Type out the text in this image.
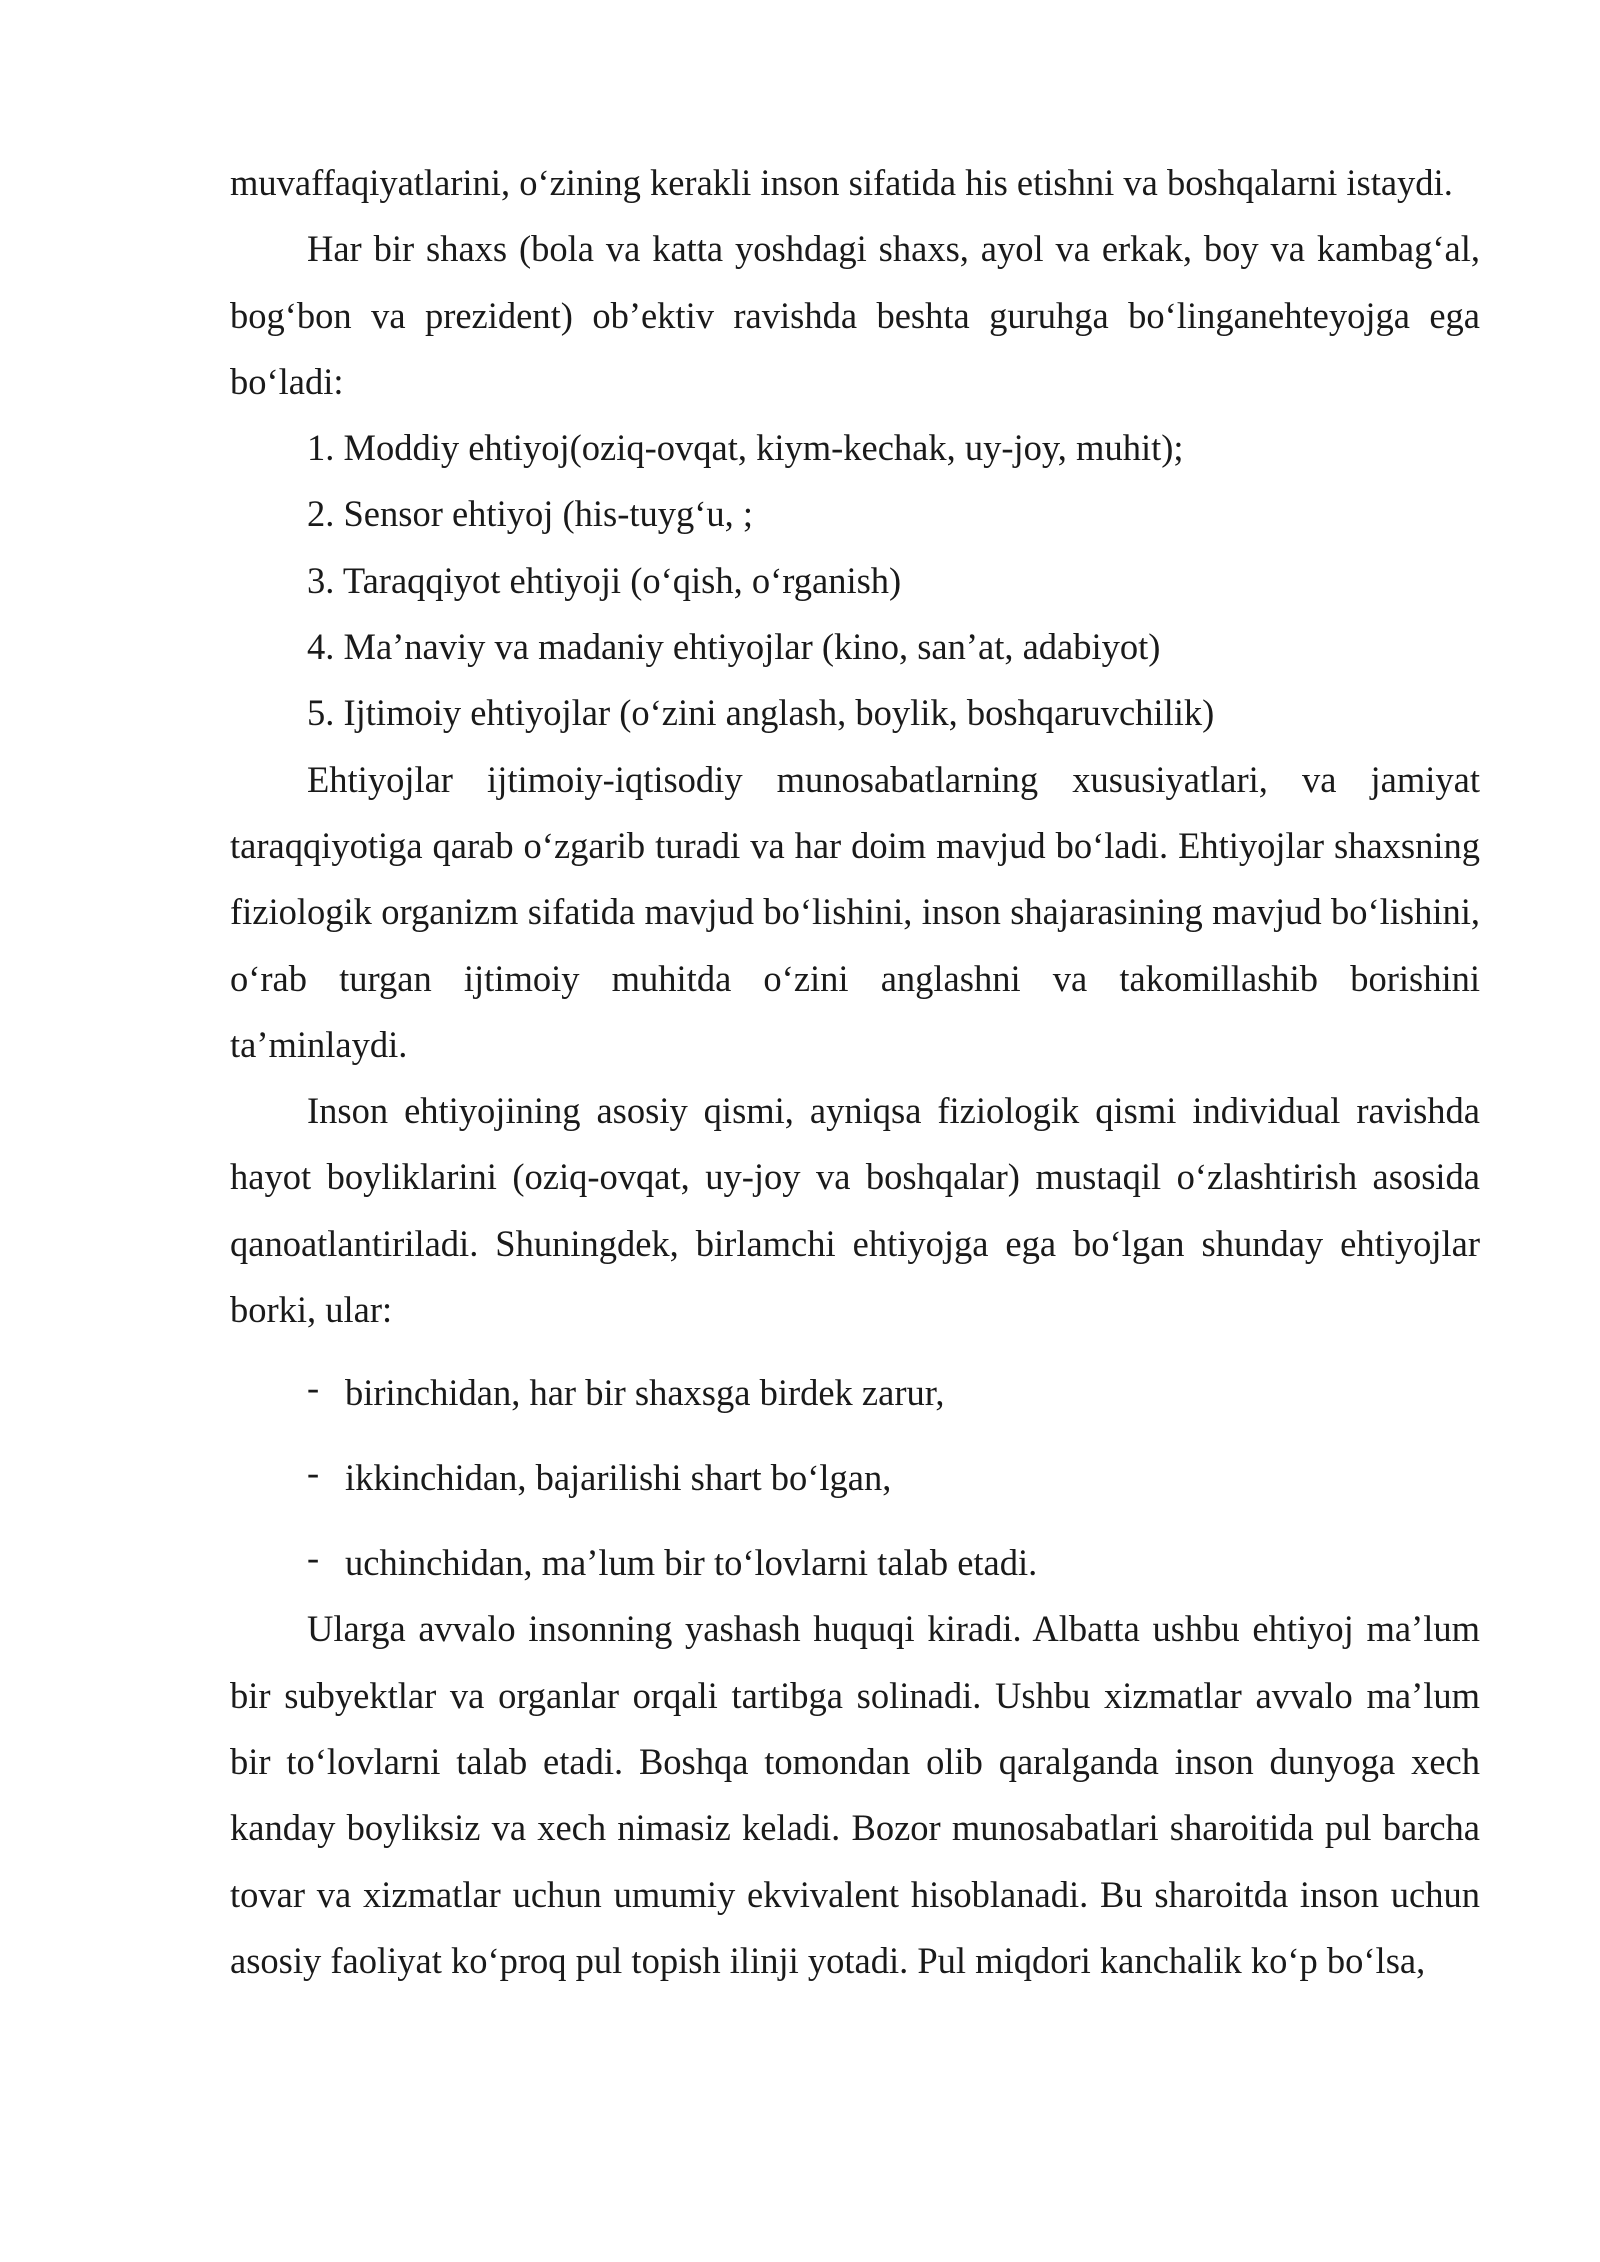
muvaffaqiyatlarini, o‘zining kerakli inson sifatida his etishni va boshqalarni istaydi.

Har bir shaxs (bola va katta yoshdagi shaxs, ayol va erkak, boy va kambag‘al, bog‘bon va prezident) ob’ektiv ravishda beshta guruhga bo‘linganehteyojga ega bo‘ladi:

1. Moddiy ehtiyoj(oziq-ovqat, kiym-kechak, uy-joy, muhit);

2. Sensor ehtiyoj (his-tuyg‘u, ;

3. Taraqqiyot ehtiyoji (o‘qish, o‘rganish)

4. Ma’naviy va madaniy ehtiyojlar (kino, san’at, adabiyot)

5. Ijtimoiy ehtiyojlar (o‘zini anglash, boylik, boshqaruvchilik)

Ehtiyojlar ijtimoiy-iqtisodiy munosabatlarning xususiyatlari, va jamiyat taraqqiyotiga qarab o‘zgarib turadi va har doim mavjud bo‘ladi. Ehtiyojlar shaxsning fiziologik organizm sifatida mavjud bo‘lishini, inson shajarasining mavjud bo‘lishini, o‘rab turgan ijtimoiy muhitda o‘zini anglashni va takomillashib borishini ta’minlaydi.

Inson ehtiyojining asosiy qismi, ayniqsa fiziologik qismi individual ravishda hayot boyliklarini (oziq-ovqat, uy-joy va boshqalar) mustaqil o‘zlashtirish asosida qanoatlantiriladi. Shuningdek, birlamchi ehtiyojga ega bo‘lgan shunday ehtiyojlar borki, ular:

- birinchidan, har bir shaxsga birdek zarur,
- ikkinchidan, bajarilishi shart bo‘lgan,
- uchinchidan, ma’lum bir to‘lovlarni talab etadi.

Ularga avvalo insonning yashash huquqi kiradi. Albatta ushbu ehtiyoj ma’lum bir subyektlar va organlar orqali tartibga solinadi. Ushbu xizmatlar avvalo ma’lum bir to‘lovlarni talab etadi. Boshqa tomondan olib qaralganda inson dunyoga xech kanday boyliksiz va xech nimasiz keladi. Bozor munosabatlari sharoitida pul barcha tovar va xizmatlar uchun umumiy ekvivalent hisoblanadi. Bu sharoitda inson uchun asosiy faoliyat ko‘proq pul topish ilinji yotadi. Pul miqdori kanchalik ko‘p bo‘lsa,
